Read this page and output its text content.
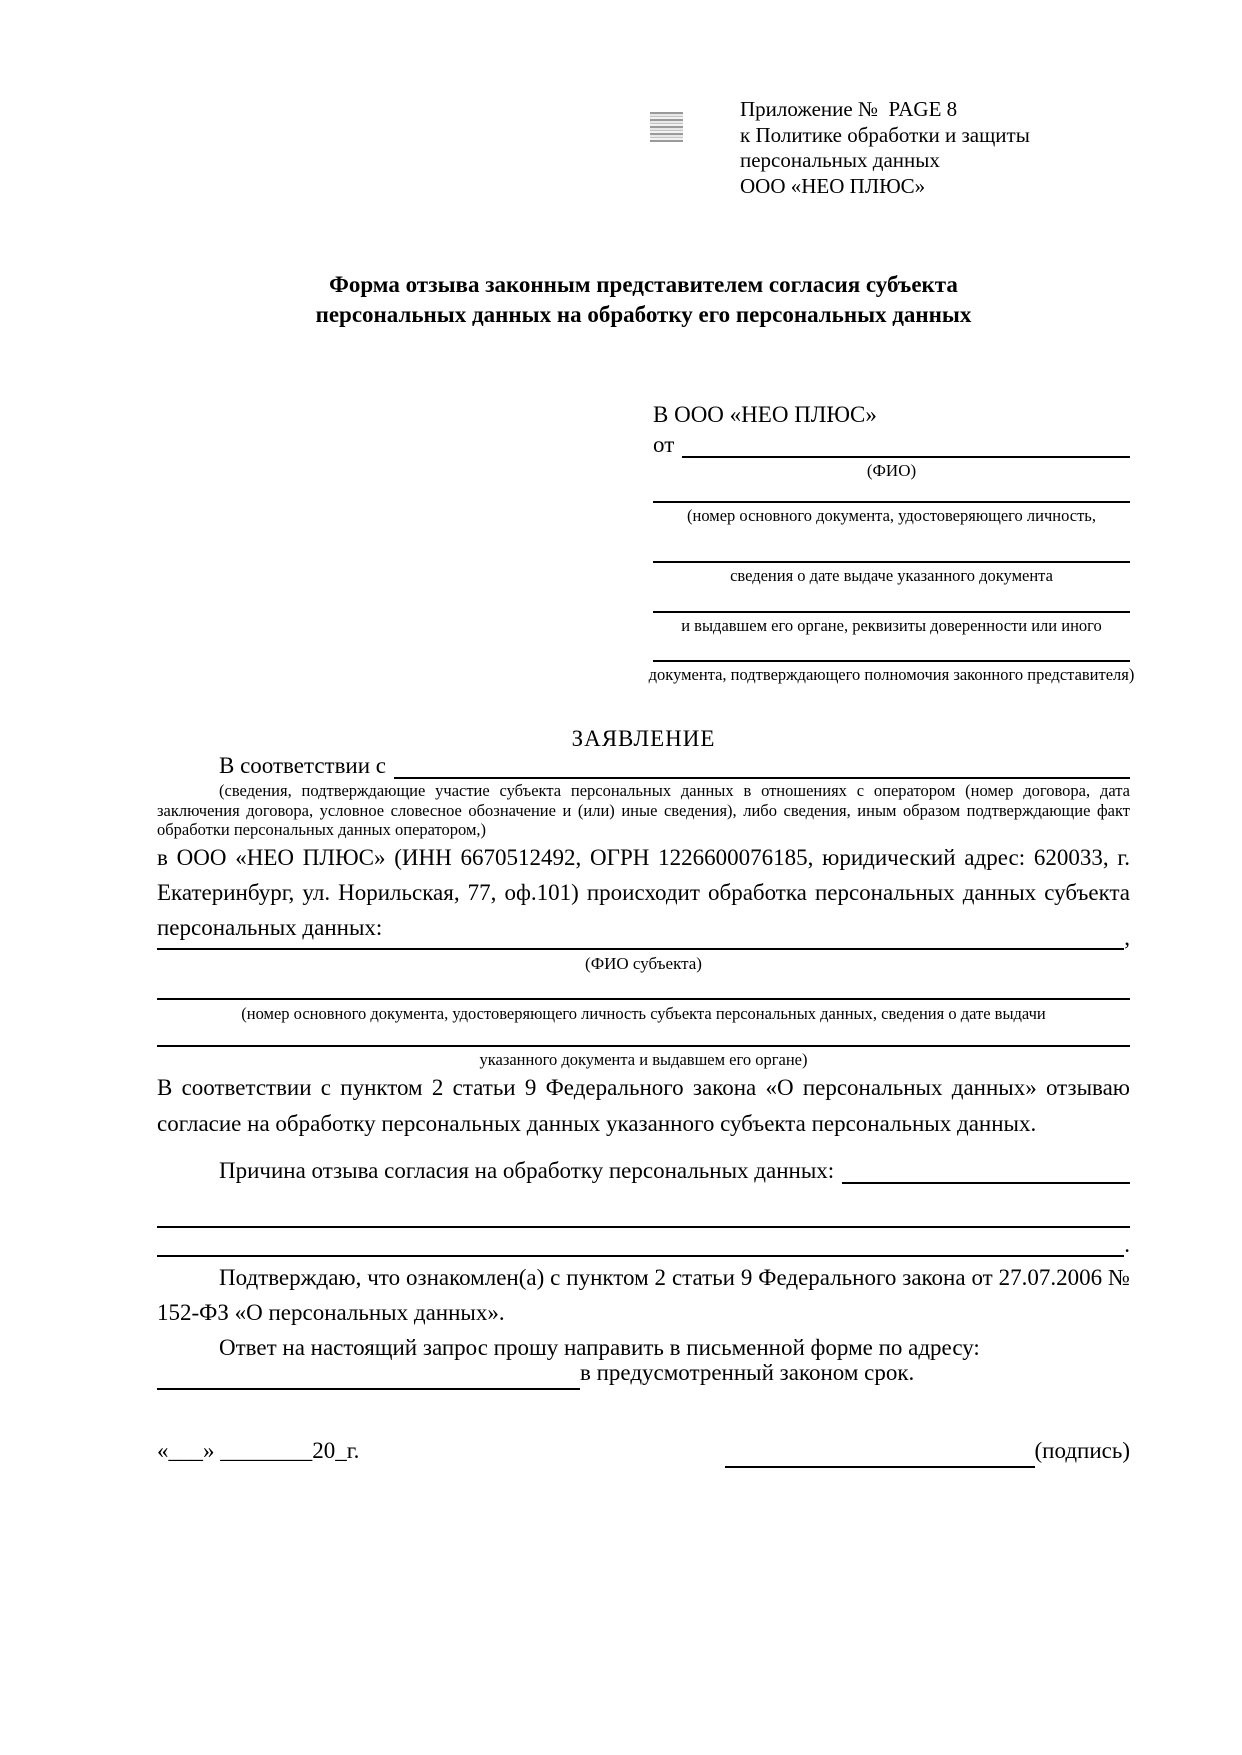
Приложение №  PAGE 8
к Политике обработки и защиты
персональных данных
ООО «НЕО ПЛЮС»
Форма отзыва законным представителем согласия субъекта
персональных данных на обработку его персональных данных
В ООО «НЕО ПЛЮС»
от
(ФИО)
(номер основного документа, удостоверяющего личность,
сведения о дате выдаче указанного документа
и выдавшем его органе, реквизиты доверенности или иного
документа, подтверждающего полномочия законного представителя)
ЗАЯВЛЕНИЕ
В соответствии с
(сведения, подтверждающие участие субъекта персональных данных в отношениях с оператором (номер договора, дата заключения договора, условное словесное обозначение и (или) иные сведения), либо сведения, иным образом подтверждающие факт обработки персональных данных оператором,)
в ООО «НЕО ПЛЮС» (ИНН 6670512492, ОГРН 1226600076185, юридический адрес: 620033, г. Екатеринбург, ул. Норильская, 77, оф.101) происходит обработка персональных данных субъекта персональных данных:	,
(ФИО субъекта)
(номер основного документа, удостоверяющего личность субъекта персональных данных, сведения о дате выдачи
указанного документа и выдавшем его органе)
В соответствии с пунктом 2 статьи 9 Федерального закона «О персональных данных» отзываю согласие на обработку персональных данных указанного субъекта персональных данных.
Причина отзыва согласия на обработку персональных данных:
.
Подтверждаю, что ознакомлен(а) с пунктом 2 статьи 9 Федерального закона от 27.07.2006 № 152-ФЗ «О персональных данных».
Ответ на настоящий запрос прошу направить в письменной форме по адресу:
в предусмотренный законом срок.
«___» ________20_г.	(подпись)
